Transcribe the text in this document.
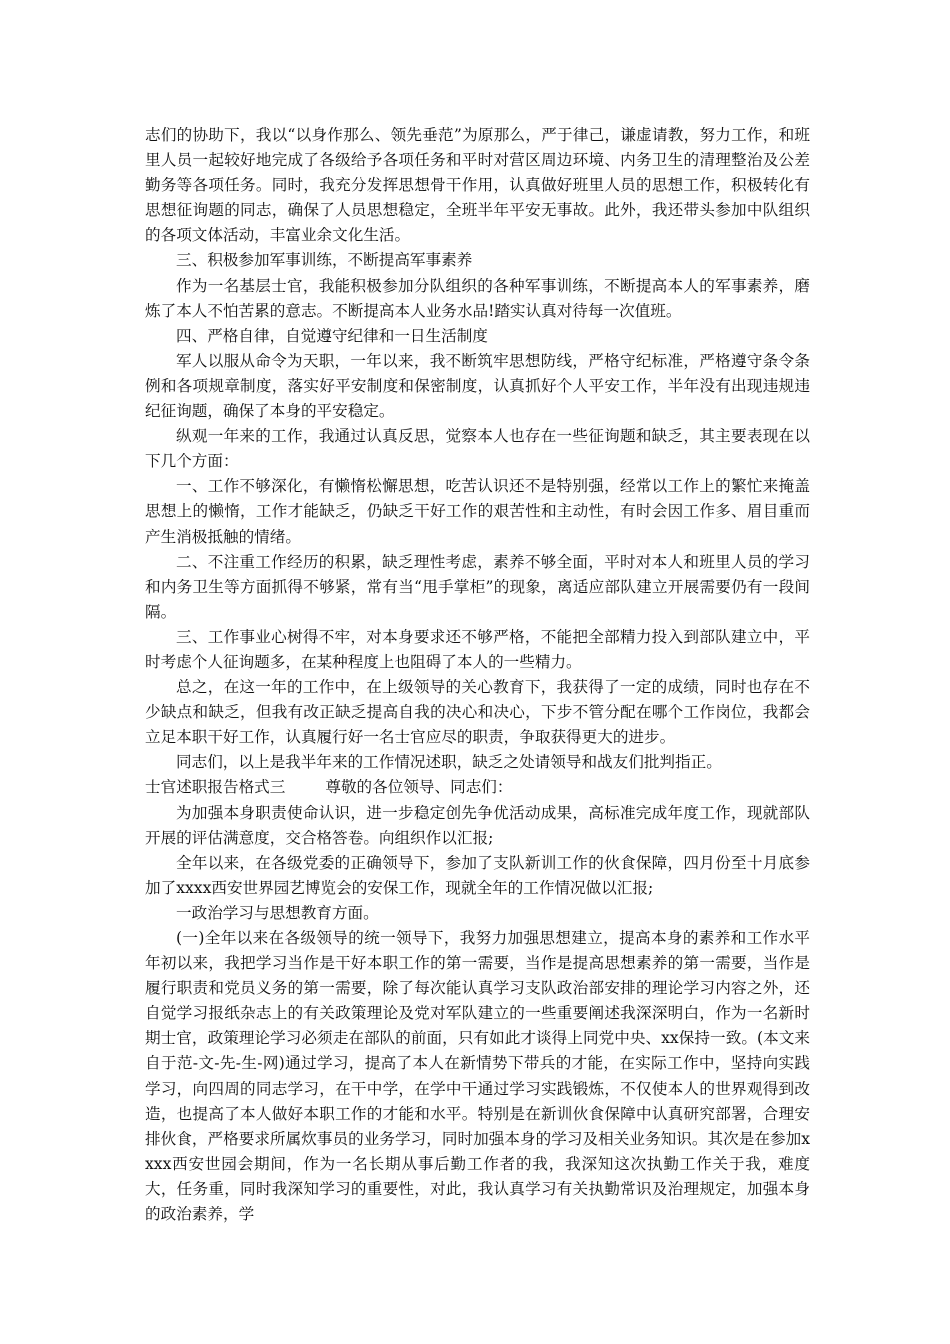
志们的协助下，我以“以身作那么、领先垂范”为原那么，严于律己，谦虚请教，努力工作，和班里人员一起较好地完成了各级给予各项任务和平时对营区周边环境、内务卫生的清理整治及公差勤务等各项任务。同时，我充分发挥思想骨干作用，认真做好班里人员的思想工作，积极转化有思想征询题的同志，确保了人员思想稳定，全班半年平安无事故。此外，我还带头参加中队组织的各项文体活动，丰富业余文化生活。

三、积极参加军事训练，不断提高军事素养

作为一名基层士官，我能积极参加分队组织的各种军事训练，不断提高本人的军事素养，磨炼了本人不怕苦累的意志。不断提高本人业务水品!踏实认真对待每一次值班。

四、严格自律，自觉遵守纪律和一日生活制度

军人以服从命令为天职，一年以来，我不断筑牢思想防线，严格守纪标准，严格遵守条令条例和各项规章制度，落实好平安制度和保密制度，认真抓好个人平安工作，半年没有出现违规违纪征询题，确保了本身的平安稳定。

纵观一年来的工作，我通过认真反思，觉察本人也存在一些征询题和缺乏，其主要表现在以下几个方面：

一、工作不够深化，有懒惰松懈思想，吃苦认识还不是特别强，经常以工作上的繁忙来掩盖思想上的懒惰，工作才能缺乏，仍缺乏干好工作的艰苦性和主动性，有时会因工作多、眉目重而产生消极抵触的情绪。

二、不注重工作经历的积累，缺乏理性考虑，素养不够全面，平时对本人和班里人员的学习和内务卫生等方面抓得不够紧，常有当“甩手掌柜”的现象，离适应部队建立开展需要仍有一段间隔。

三、工作事业心树得不牢，对本身要求还不够严格，不能把全部精力投入到部队建立中，平时考虑个人征询题多，在某种程度上也阻碍了本人的一些精力。

总之，在这一年的工作中，在上级领导的关心教育下，我获得了一定的成绩，同时也存在不少缺点和缺乏，但我有改正缺乏提高自我的决心和决心，下步不管分配在哪个工作岗位，我都会立足本职干好工作，认真履行好一名士官应尽的职责，争取获得更大的进步。

同志们，以上是我半年来的工作情况述职，缺乏之处请领导和战友们批判指正。

士官述职报告格式三	尊敬的各位领导、同志们：

为加强本身职责使命认识，进一步稳定创先争优活动成果，高标准完成年度工作，现就部队开展的评估满意度，交合格答卷。向组织作以汇报;

全年以来，在各级党委的正确领导下，参加了支队新训工作的伙食保障，四月份至十月底参加了xxxx西安世界园艺博览会的安保工作，现就全年的工作情况做以汇报;

一政治学习与思想教育方面。

(一)全年以来在各级领导的统一领导下，我努力加强思想建立，提高本身的素养和工作水平年初以来，我把学习当作是干好本职工作的第一需要，当作是提高思想素养的第一需要，当作是履行职责和党员义务的第一需要，除了每次能认真学习支队政治部安排的理论学习内容之外，还自觉学习报纸杂志上的有关政策理论及党对军队建立的一些重要阐述我深深明白，作为一名新时期士官，政策理论学习必须走在部队的前面，只有如此才谈得上同党中央、xx保持一致。(本文来自于范-文-先-生-网)通过学习，提高了本人在新情势下带兵的才能，在实际工作中，坚持向实践学习，向四周的同志学习，在干中学，在学中干通过学习实践锻炼，不仅使本人的世界观得到改造，也提高了本人做好本职工作的才能和水平。特别是在新训伙食保障中认真研究部署，合理安排伙食，严格要求所属炊事员的业务学习，同时加强本身的学习及相关业务知识。其次是在参加xxxx西安世园会期间，作为一名长期从事后勤工作者的我，我深知这次执勤工作关于我，难度大，任务重，同时我深知学习的重要性，对此，我认真学习有关执勤常识及治理规定，加强本身的政治素养，学
